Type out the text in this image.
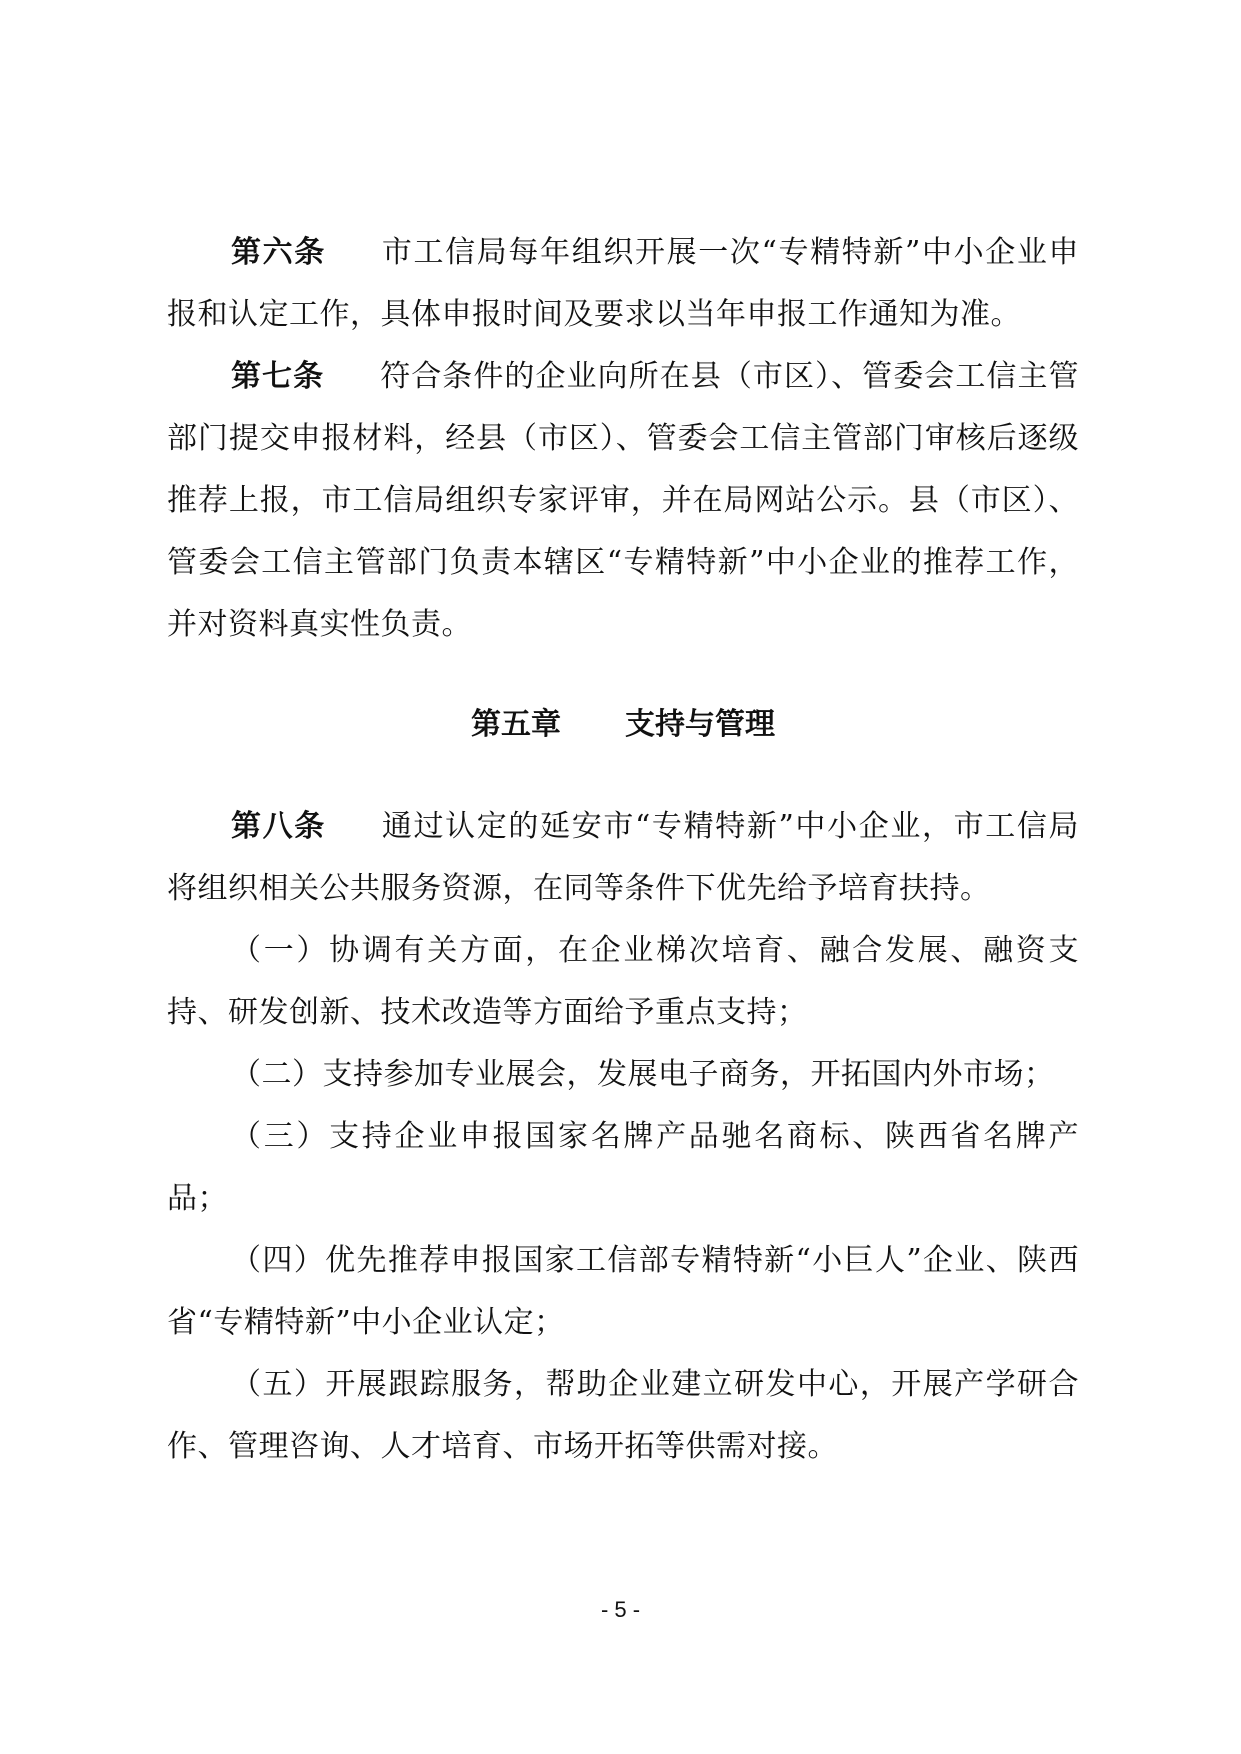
第六条 市工信局每年组织开展一次“专精特新”中小企业申报和认定工作，具体申报时间及要求以当年申报工作通知为准。

第七条 符合条件的企业向所在县（市区）、管委会工信主管部门提交申报材料，经县（市区）、管委会工信主管部门审核后逐级推荐上报，市工信局组织专家评审，并在局网站公示。县（市区）、管委会工信主管部门负责本辖区“专精特新”中小企业的推荐工作，并对资料真实性负责。

第五章 支持与管理

第八条 通过认定的延安市“专精特新”中小企业，市工信局将组织相关公共服务资源，在同等条件下优先给予培育扶持。

（一）协调有关方面，在企业梯次培育、融合发展、融资支持、研发创新、技术改造等方面给予重点支持；

（二）支持参加专业展会，发展电子商务，开拓国内外市场；

（三）支持企业申报国家名牌产品驰名商标、陕西省名牌产品；

（四）优先推荐申报国家工信部专精特新“小巨人”企业、陕西省“专精特新”中小企业认定；

（五）开展跟踪服务，帮助企业建立研发中心，开展产学研合作、管理咨询、人才培育、市场开拓等供需对接。

- 5 -
